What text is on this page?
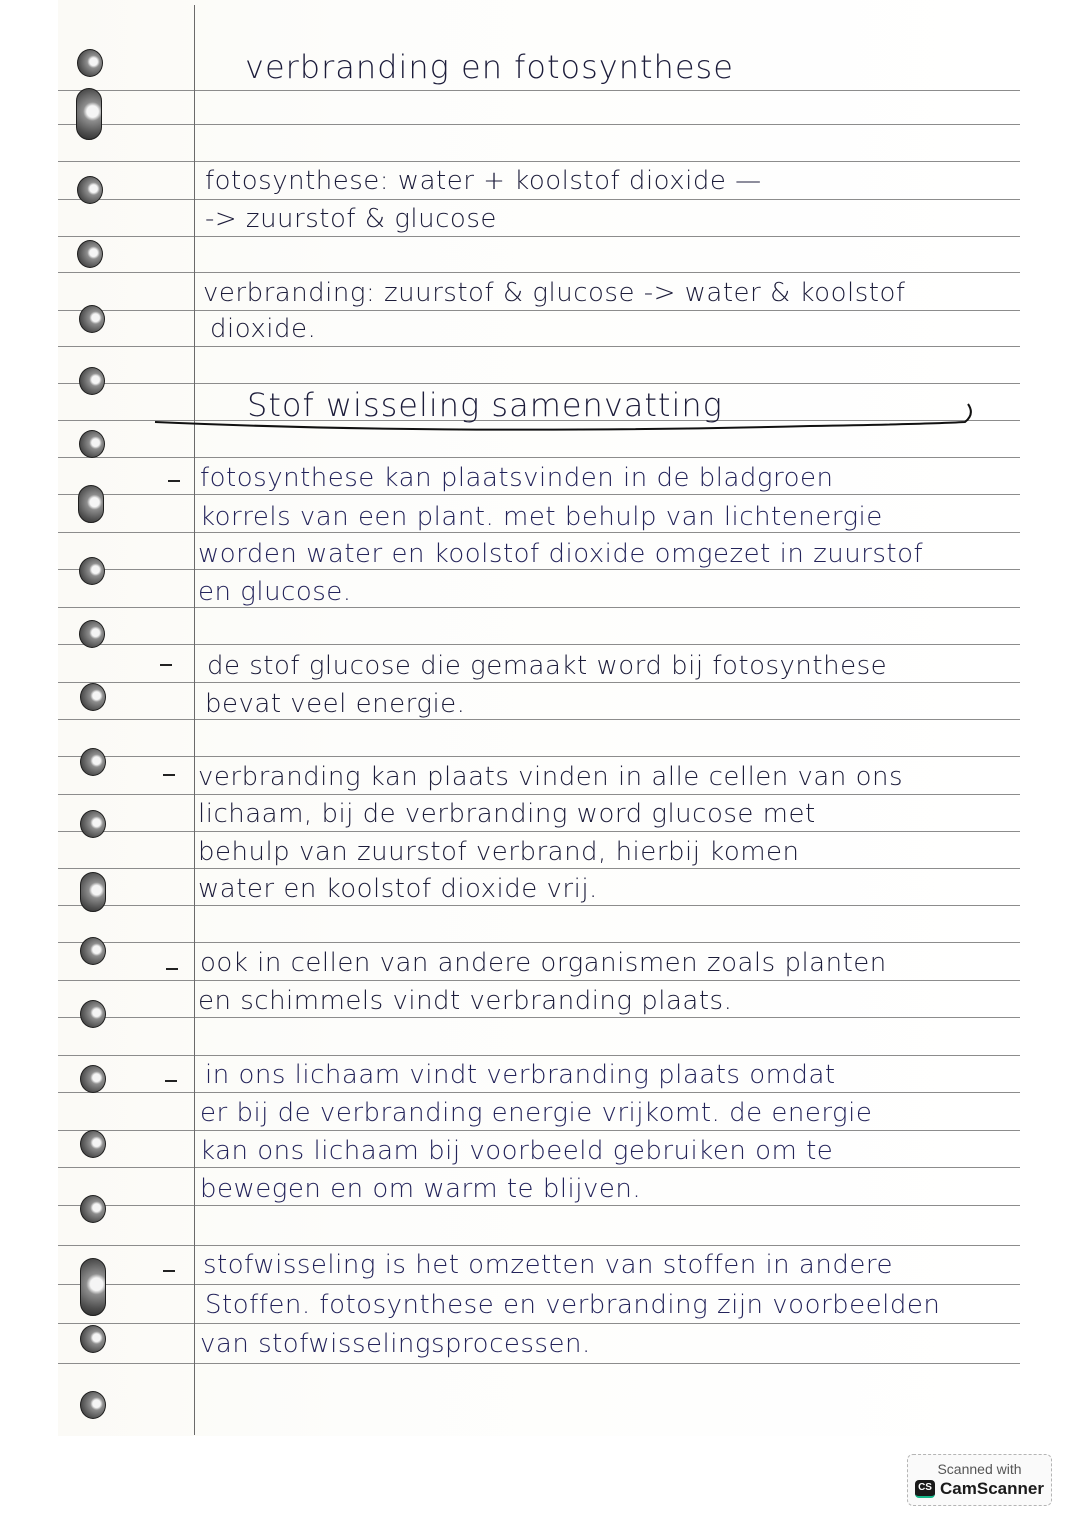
verbranding en fotosynthese
fotosynthese: water + koolstof dioxide —
-> zuurstof & glucose
verbranding: zuurstof & glucose -> water & koolstof
dioxide.
Stof wisseling samenvatting
fotosynthese kan plaatsvinden in de bladgroen
korrels van een plant. met behulp van lichtenergie
worden water en koolstof dioxide omgezet in zuurstof
en glucose.
de stof glucose die gemaakt word bij fotosynthese
bevat veel energie.
verbranding kan plaats vinden in alle cellen van ons
lichaam, bij de verbranding word glucose met
behulp van zuurstof verbrand, hierbij komen
water en koolstof dioxide vrij.
ook in cellen van andere organismen zoals planten
en schimmels vindt verbranding plaats.
in ons lichaam vindt verbranding plaats omdat
er bij de verbranding energie vrijkomt. de energie
kan ons lichaam bij voorbeeld gebruiken om te
bewegen en om warm te blijven.
stofwisseling is het omzetten van stoffen in andere
Stoffen. fotosynthese en verbranding zijn voorbeelden
van stofwisselingsprocessen.
Scanned with
CS CamScanner
